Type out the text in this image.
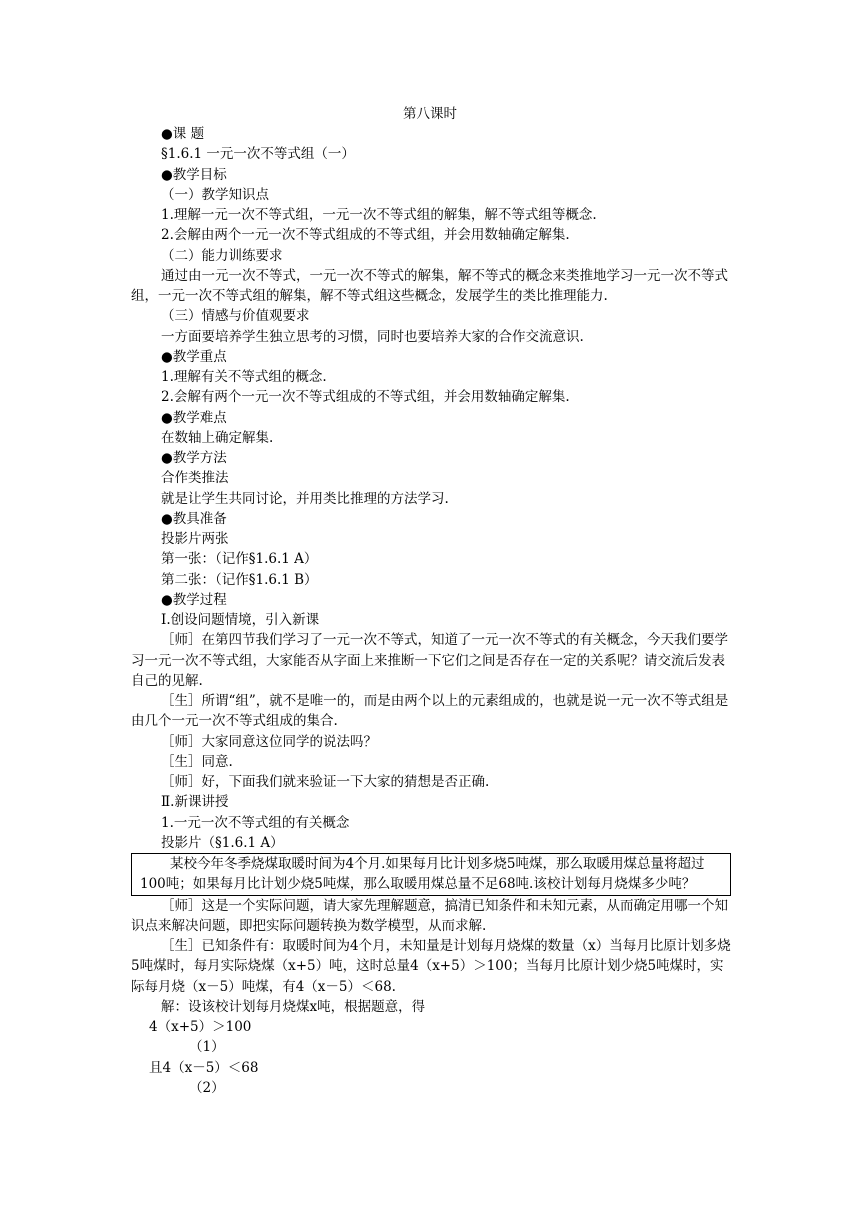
第八课时

●课 题

§1.6.1 一元一次不等式组（一）

●教学目标

（一）教学知识点

1.理解一元一次不等式组，一元一次不等式组的解集，解不等式组等概念.

2.会解由两个一元一次不等式组成的不等式组，并会用数轴确定解集.

（二）能力训练要求

通过由一元一次不等式，一元一次不等式的解集，解不等式的概念来类推地学习一元一次不等式组，一元一次不等式组的解集，解不等式组这些概念，发展学生的类比推理能力.

（三）情感与价值观要求

一方面要培养学生独立思考的习惯，同时也要培养大家的合作交流意识.

●教学重点

1.理解有关不等式组的概念.

2.会解有两个一元一次不等式组成的不等式组，并会用数轴确定解集.

●教学难点

在数轴上确定解集.

●教学方法

合作类推法

就是让学生共同讨论，并用类比推理的方法学习.

●教具准备

投影片两张

第一张：（记作§1.6.1 A）

第二张：（记作§1.6.1 B）

●教学过程

Ⅰ.创设问题情境，引入新课

［师］在第四节我们学习了一元一次不等式，知道了一元一次不等式的有关概念，今天我们要学习一元一次不等式组，大家能否从字面上来推断一下它们之间是否存在一定的关系呢？请交流后发表自己的见解.

［生］所谓“组”，就不是唯一的，而是由两个以上的元素组成的，也就是说一元一次不等式组是由几个一元一次不等式组成的集合.

［师］大家同意这位同学的说法吗？

［生］同意.

［师］好，下面我们就来验证一下大家的猜想是否正确.

Ⅱ.新课讲授

1.一元一次不等式组的有关概念

投影片（§1.6.1 A）

某校今年冬季烧煤取暖时间为4个月.如果每月比计划多烧5吨煤，那么取暖用煤总量将超过100吨；如果每月比计划少烧5吨煤，那么取暖用煤总量不足68吨.该校计划每月烧煤多少吨？

［师］这是一个实际问题，请大家先理解题意，搞清已知条件和未知元素，从而确定用哪一个知识点来解决问题，即把实际问题转换为数学模型，从而求解.

［生］已知条件有：取暖时间为4个月，未知量是计划每月烧煤的数量（x）当每月比原计划多烧5吨煤时，每月实际烧煤（x+5）吨，这时总量4（x+5）＞100；当每月比原计划少烧5吨煤时，实际每月烧（x－5）吨煤，有4（x－5）＜68.

解：设该校计划每月烧煤x吨，根据题意，得

4（x+5）＞100

（1）

且4（x－5）＜68

（2）
